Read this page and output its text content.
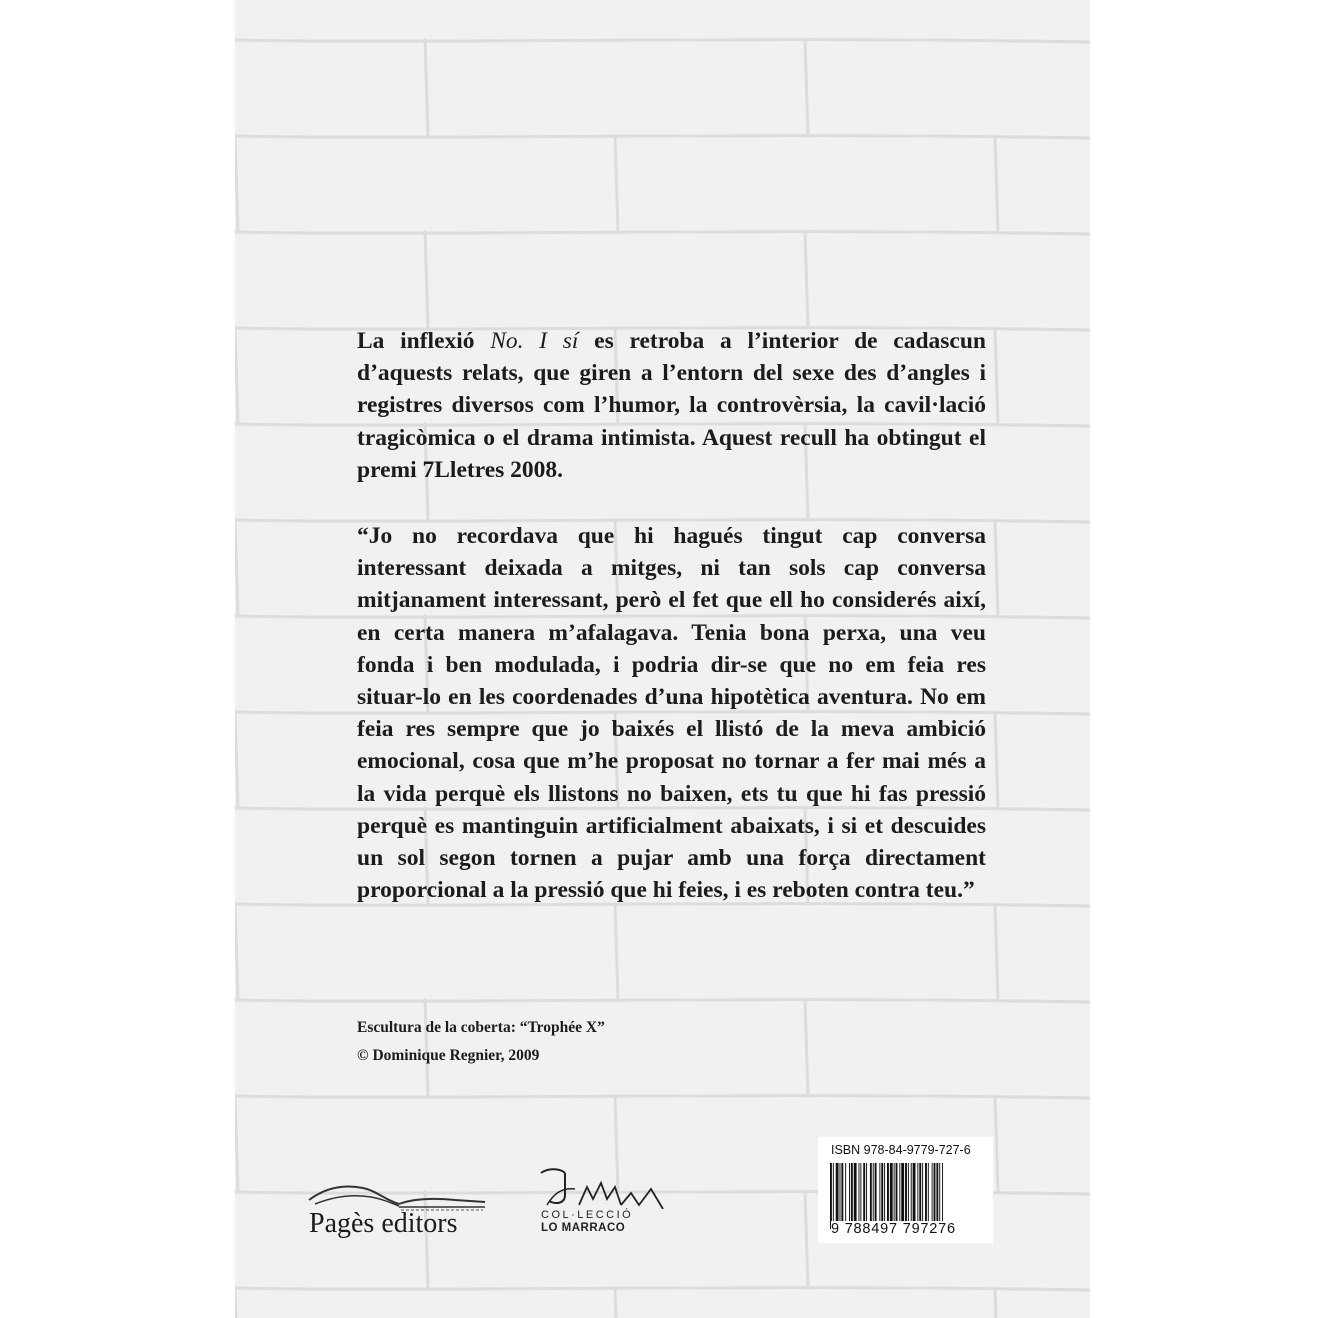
La inflexió No. I sí es retroba a l’interior de cadascun d’aquests relats, que giren a l’entorn del sexe des d’angles i registres diversos com l’humor, la controvèrsia, la cavil·lació tragicòmica o el drama intimista. Aquest recull ha obtingut el premi 7Lletres 2008.
“Jo no recordava que hi hagués tingut cap conversa interessant deixada a mitges, ni tan sols cap conversa mitjanament interessant, però el fet que ell ho considerés així, en certa manera m’afalagava. Tenia bona perxa, una veu fonda i ben modulada, i podria dir-se que no em feia res situar-lo en les coordenades d’una hipotètica aventura. No em feia res sempre que jo baixés el llistó de la meva ambició emocional, cosa que m’he proposat no tornar a fer mai més a la vida perquè els llistons no baixen, ets tu que hi fas pressió perquè es mantinguin artificialment abaixats, i si et descuides un sol segon tornen a pujar amb una força directament proporcional a la pressió que hi feies, i es reboten contra teu.”
Escultura de la coberta: “Trophée X”
© Dominique Regnier, 2009
Pagès editors	COL·LECCIÓ
LO MARRACO
ISBN 978-84-9779-727-6
9 788497 797276
